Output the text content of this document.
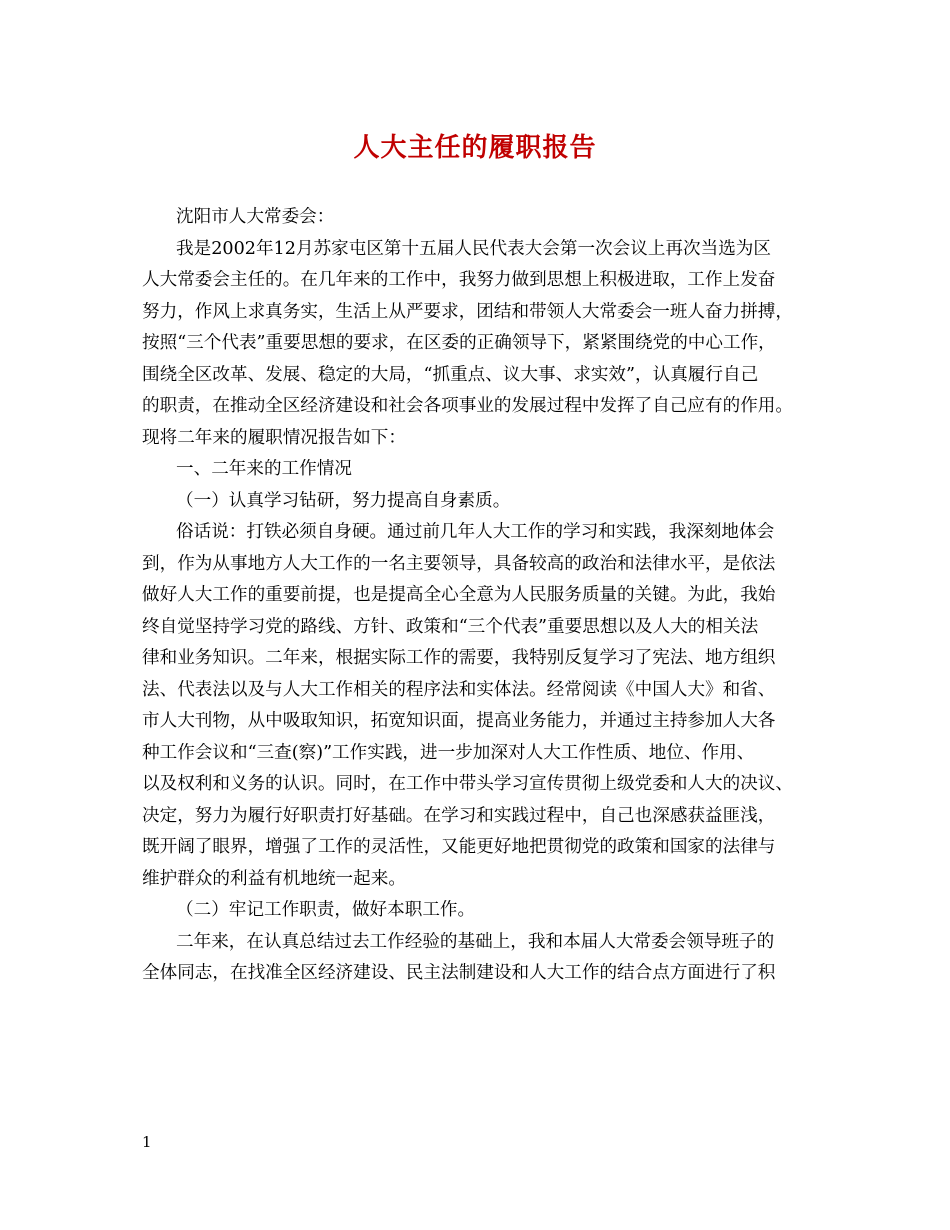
人大主任的履职报告
沈阳市人大常委会：
我是2002年12月苏家屯区第十五届人民代表大会第一次会议上再次当选为区
人大常委会主任的。在几年来的工作中，我努力做到思想上积极进取，工作上发奋
努力，作风上求真务实，生活上从严要求，团结和带领人大常委会一班人奋力拼搏，
按照“三个代表”重要思想的要求，在区委的正确领导下，紧紧围绕党的中心工作，
围绕全区改革、发展、稳定的大局，“抓重点、议大事、求实效”，认真履行自己
的职责，在推动全区经济建设和社会各项事业的发展过程中发挥了自己应有的作用。
现将二年来的履职情况报告如下：
一、二年来的工作情况
（一）认真学习钻研，努力提高自身素质。
俗话说：打铁必须自身硬。通过前几年人大工作的学习和实践，我深刻地体会
到，作为从事地方人大工作的一名主要领导，具备较高的政治和法律水平，是依法
做好人大工作的重要前提，也是提高全心全意为人民服务质量的关键。为此，我始
终自觉坚持学习党的路线、方针、政策和“三个代表”重要思想以及人大的相关法
律和业务知识。二年来，根据实际工作的需要，我特别反复学习了宪法、地方组织
法、代表法以及与人大工作相关的程序法和实体法。经常阅读《中国人大》和省、
市人大刊物，从中吸取知识，拓宽知识面，提高业务能力，并通过主持参加人大各
种工作会议和“三查(察)”工作实践，进一步加深对人大工作性质、地位、作用、
以及权利和义务的认识。同时，在工作中带头学习宣传贯彻上级党委和人大的决议、
决定，努力为履行好职责打好基础。在学习和实践过程中，自己也深感获益匪浅，
既开阔了眼界，增强了工作的灵活性，又能更好地把贯彻党的政策和国家的法律与
维护群众的利益有机地统一起来。
（二）牢记工作职责，做好本职工作。
二年来，在认真总结过去工作经验的基础上，我和本届人大常委会领导班子的
全体同志，在找准全区经济建设、民主法制建设和人大工作的结合点方面进行了积
1
